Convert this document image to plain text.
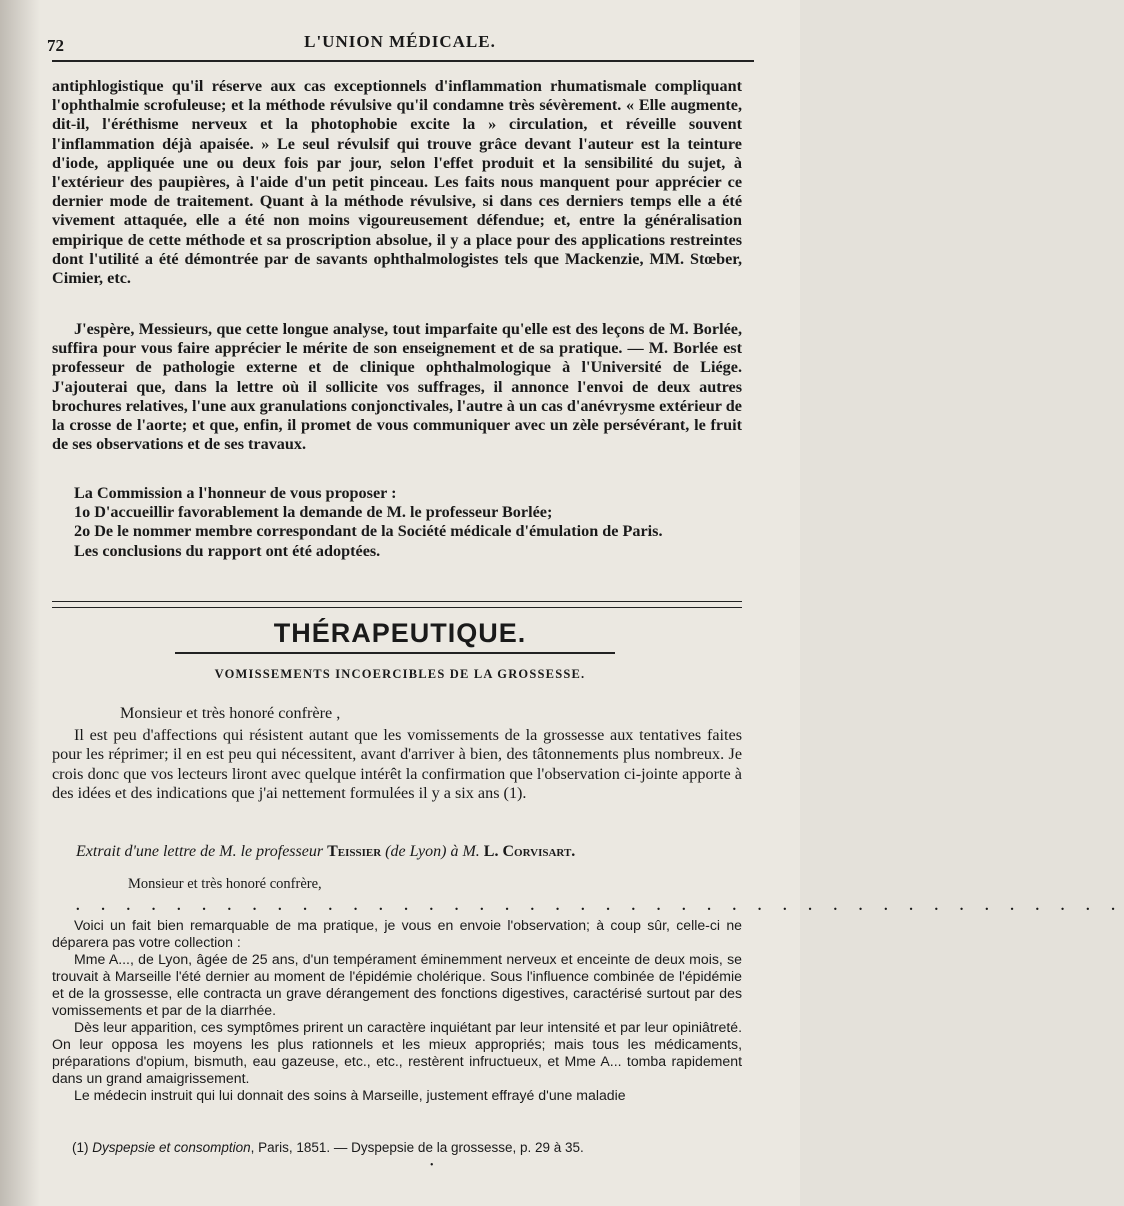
72	L'UNION MÉDICALE.

antiphlogistique qu'il réserve aux cas exceptionnels d'inflammation rhumatismale compliquant l'ophthalmie scrofuleuse; et la méthode révulsive qu'il condamne très sévèrement. « Elle augmente, dit-il, l'éréthisme nerveux et la photophobie excite la » circulation, et réveille souvent l'inflammation déjà apaisée. » Le seul révulsif qui trouve grâce devant l'auteur est la teinture d'iode, appliquée une ou deux fois par jour, selon l'effet produit et la sensibilité du sujet, à l'extérieur des paupières, à l'aide d'un petit pinceau. Les faits nous manquent pour apprécier ce dernier mode de traitement. Quant à la méthode révulsive, si dans ces derniers temps elle a été vivement attaquée, elle a été non moins vigoureusement défendue; et, entre la généralisation empirique de cette méthode et sa proscription absolue, il y a place pour des applications restreintes dont l'utilité a été démontrée par de savants ophthalmologistes tels que Mackenzie, MM. Stœber, Cimier, etc.

J'espère, Messieurs, que cette longue analyse, tout imparfaite qu'elle est des leçons de M. Borlée, suffira pour vous faire apprécier le mérite de son enseignement et de sa pratique. — M. Borlée est professeur de pathologie externe et de clinique ophthalmologique à l'Université de Liége. J'ajouterai que, dans la lettre où il sollicite vos suffrages, il annonce l'envoi de deux autres brochures relatives, l'une aux granulations conjonctivales, l'autre à un cas d'anévrysme extérieur de la crosse de l'aorte; et que, enfin, il promet de vous communiquer avec un zèle persévérant, le fruit de ses observations et de ses travaux.

La Commission a l'honneur de vous proposer :

1o D'accueillir favorablement la demande de M. le professeur Borlée;

2o De le nommer membre correspondant de la Société médicale d'émulation de Paris.

Les conclusions du rapport ont été adoptées.

THÉRAPEUTIQUE.
VOMISSEMENTS INCOERCIBLES DE LA GROSSESSE.

Monsieur et très honoré confrère ,

Il est peu d'affections qui résistent autant que les vomissements de la grossesse aux tentatives faites pour les réprimer; il en est peu qui nécessitent, avant d'arriver à bien, des tâtonnements plus nombreux. Je crois donc que vos lecteurs liront avec quelque intérêt la confirmation que l'observation ci-jointe apporte à des idées et des indications que j'ai nettement formulées il y a six ans (1).

Extrait d'une lettre de M. le professeur Teissier (de Lyon) à M. L. Corvisart.
Monsieur et très honoré confrère,
. . . . . . . . . . . . . . . . . . . . . . . . . . . . . . . . . . . . . . . . . .

Voici un fait bien remarquable de ma pratique, je vous en envoie l'observation; à coup sûr, celle-ci ne déparera pas votre collection :

Mme A..., de Lyon, âgée de 25 ans, d'un tempérament éminemment nerveux et enceinte de deux mois, se trouvait à Marseille l'été dernier au moment de l'épidémie cholérique. Sous l'influence combinée de l'épidémie et de la grossesse, elle contracta un grave dérangement des fonctions digestives, caractérisé surtout par des vomissements et par de la diarrhée.

Dès leur apparition, ces symptômes prirent un caractère inquiétant par leur intensité et par leur opiniâtreté. On leur opposa les moyens les plus rationnels et les mieux appropriés; mais tous les médicaments, préparations d'opium, bismuth, eau gazeuse, etc., etc., restèrent infructueux, et Mme A... tomba rapidement dans un grand amaigrissement.

Le médecin instruit qui lui donnait des soins à Marseille, justement effrayé d'une maladie

(1) Dyspepsie et consomption, Paris, 1851. — Dyspepsie de la grossesse, p. 29 à 35.
•
